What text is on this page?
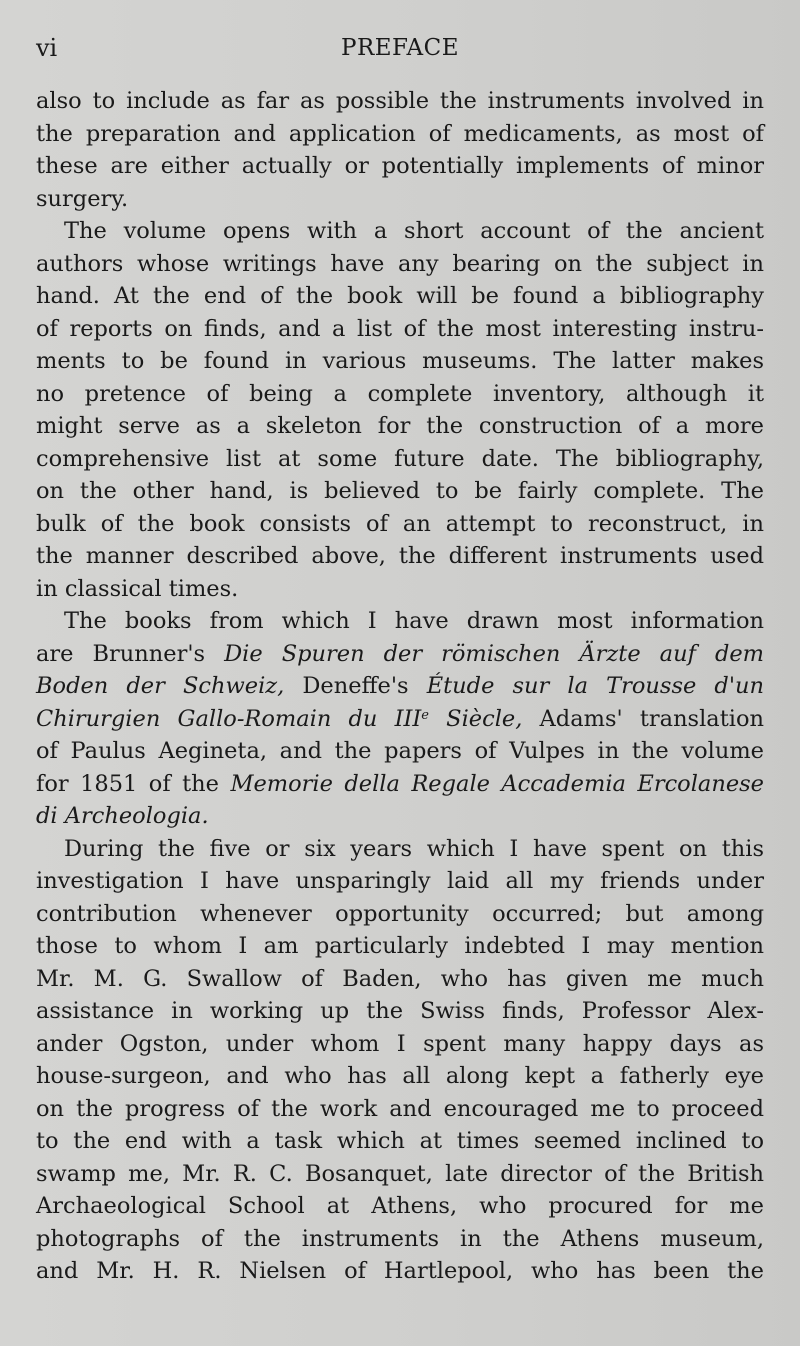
vi	PREFACE
also to include as far as possible the instruments involved in
the preparation and application of medicaments, as most of
these are either actually or potentially implements of minor
surgery.
The volume opens with a short account of the ancient
authors whose writings have any bearing on the subject in
hand. At the end of the book will be found a bibliography
of reports on finds, and a list of the most interesting instru-
ments to be found in various museums. The latter makes
no pretence of being a complete inventory, although it
might serve as a skeleton for the construction of a more
comprehensive list at some future date. The bibliography,
on the other hand, is believed to be fairly complete. The
bulk of the book consists of an attempt to reconstruct, in
the manner described above, the different instruments used
in classical times.
The books from which I have drawn most information
are Brunner's Die Spuren der römischen Ärzte auf dem
Boden der Schweiz, Deneffe's Étude sur la Trousse d'un
Chirurgien Gallo-Romain du IIIe Siècle, Adams' translation
of Paulus Aegineta, and the papers of Vulpes in the volume
for 1851 of the Memorie della Regale Accademia Ercolanese
di Archeologia.
During the five or six years which I have spent on this
investigation I have unsparingly laid all my friends under
contribution whenever opportunity occurred; but among
those to whom I am particularly indebted I may mention
Mr. M. G. Swallow of Baden, who has given me much
assistance in working up the Swiss finds, Professor Alex-
ander Ogston, under whom I spent many happy days as
house-surgeon, and who has all along kept a fatherly eye
on the progress of the work and encouraged me to proceed
to the end with a task which at times seemed inclined to
swamp me, Mr. R. C. Bosanquet, late director of the British
Archaeological School at Athens, who procured for me
photographs of the instruments in the Athens museum,
and Mr. H. R. Nielsen of Hartlepool, who has been the
